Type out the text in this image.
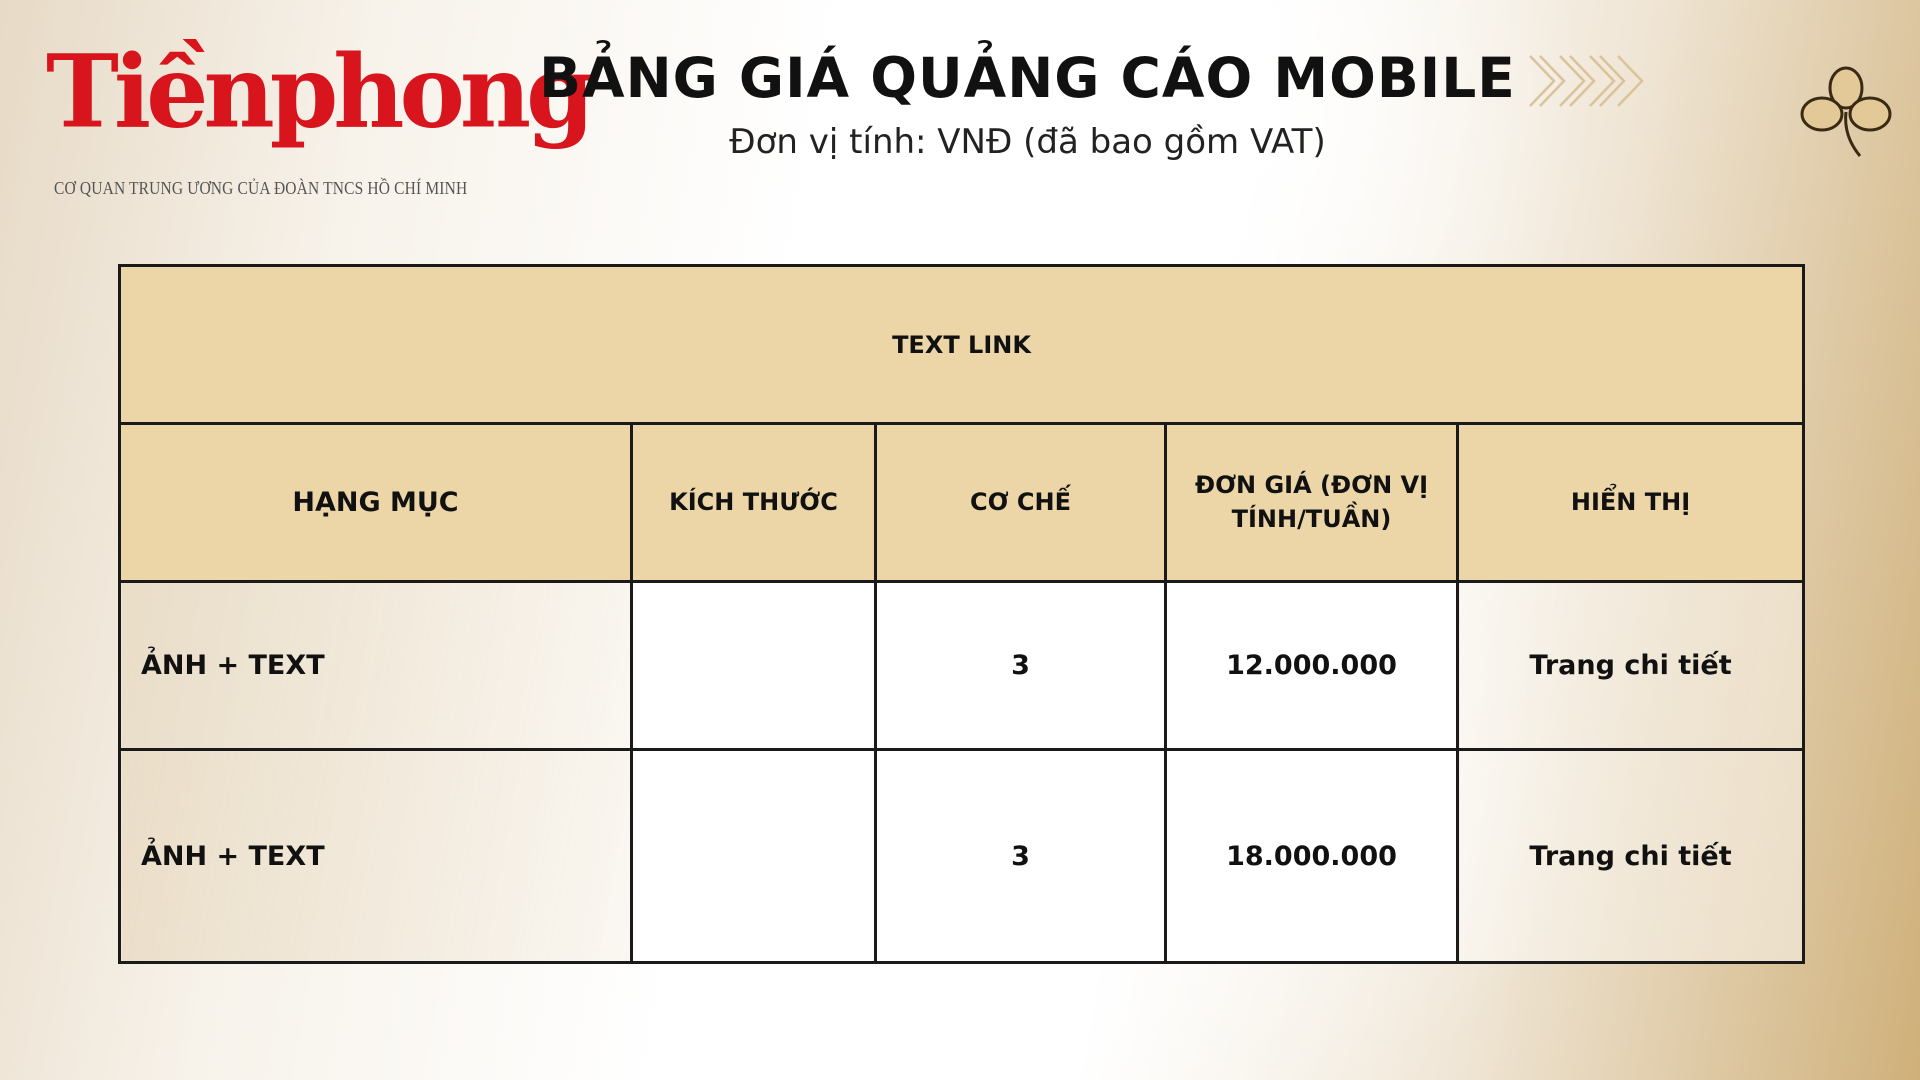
Tiềnphong
CƠ QUAN TRUNG ƯƠNG CỦA ĐOÀN TNCS HỒ CHÍ MINH
BẢNG GIÁ QUẢNG CÁO MOBILE
Đơn vị tính: VNĐ (đã bao gồm VAT)
TEXT LINK				
HẠNG MỤC	KÍCH THƯỚC	CƠ CHẾ	ĐƠN GIÁ (ĐƠN VỊ TÍNH/TUẦN)	HIỂN THỊ
ẢNH + TEXT		3	12.000.000	Trang chi tiết
ẢNH + TEXT		3	18.000.000	Trang chi tiết
